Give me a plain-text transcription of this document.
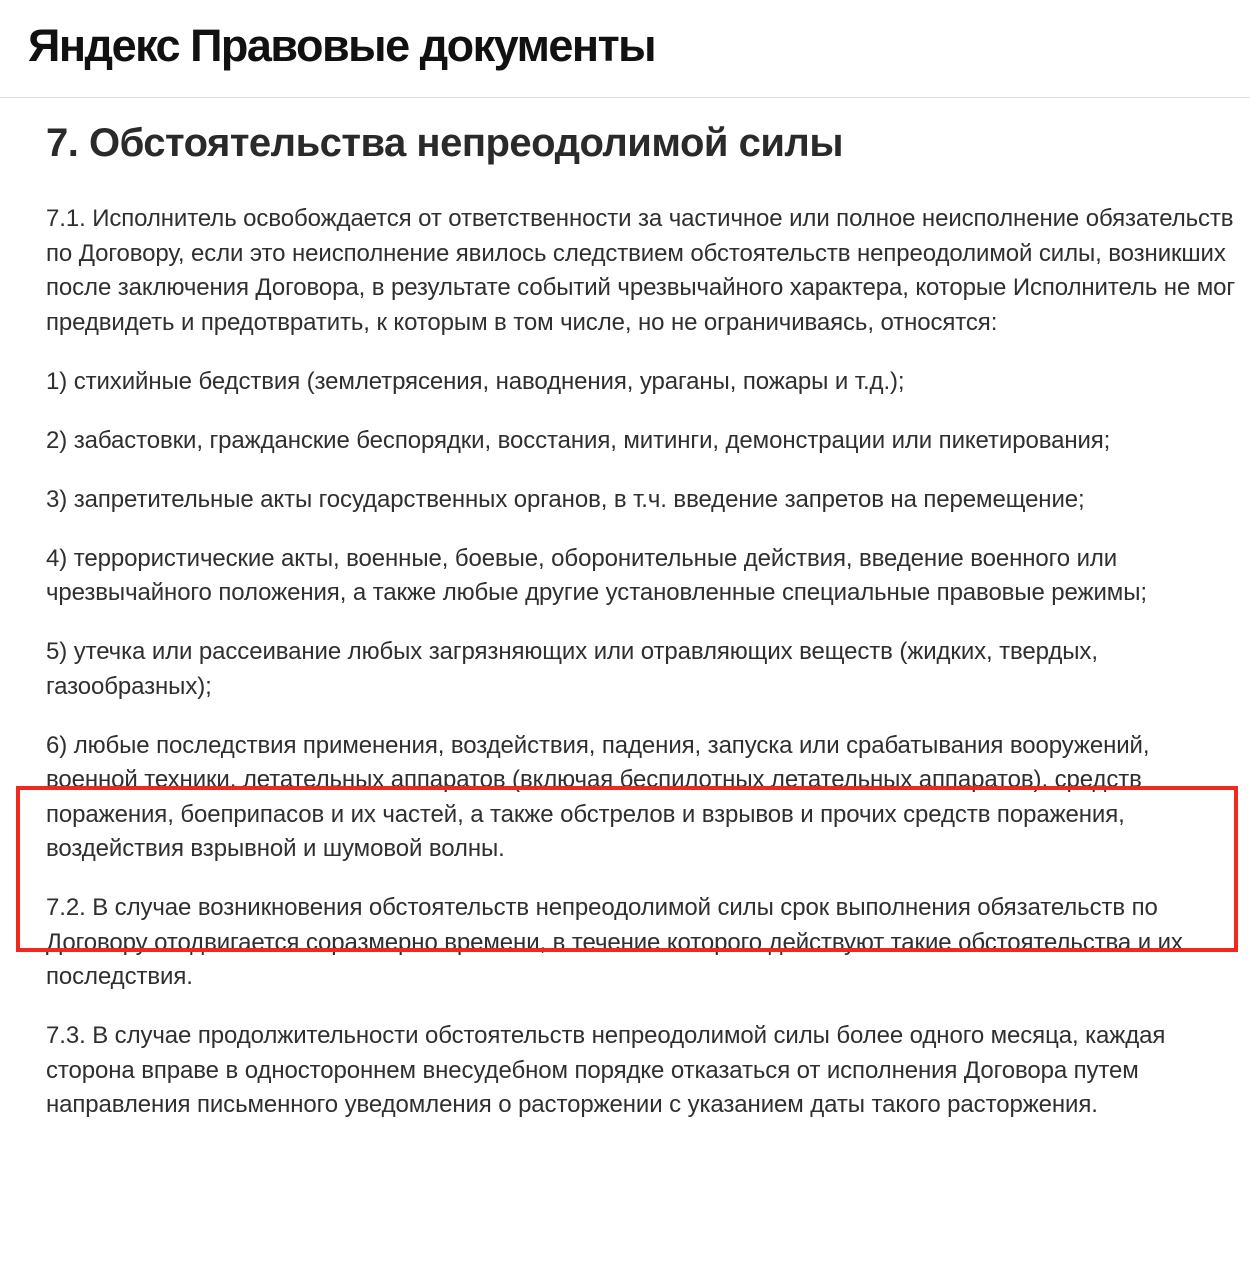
Яндекс Правовые документы
7. Обстоятельства непреодолимой силы

7.1. Исполнитель освобождается от ответственности за частичное или полное неисполнение обязательств по Договору, если это неисполнение явилось следствием обстоятельств непреодолимой силы, возникших после заключения Договора, в результате событий чрезвычайного характера, которые Исполнитель не мог предвидеть и предотвратить, к которым в том числе, но не ограничиваясь, относятся:

1) стихийные бедствия (землетрясения, наводнения, ураганы, пожары и т.д.);

2) забастовки, гражданские беспорядки, восстания, митинги, демонстрации или пикетирования;

3) запретительные акты государственных органов, в т.ч. введение запретов на перемещение;

4) террористические акты, военные, боевые, оборонительные действия, введение военного или чрезвычайного положения, а также любые другие установленные специальные правовые режимы;

5) утечка или рассеивание любых загрязняющих или отравляющих веществ (жидких, твердых, газообразных);

6) любые последствия применения, воздействия, падения, запуска или срабатывания вооружений, военной техники, летательных аппаратов (включая беспилотных летательных аппаратов), средств поражения, боеприпасов и их частей, а также обстрелов и взрывов и прочих средств поражения, воздействия взрывной и шумовой волны.

7.2. В случае возникновения обстоятельств непреодолимой силы срок выполнения обязательств по Договору отодвигается соразмерно времени, в течение которого действуют такие обстоятельства и их последствия.

7.3. В случае продолжительности обстоятельств непреодолимой силы более одного месяца, каждая сторона вправе в одностороннем внесудебном порядке отказаться от исполнения Договора путем направления письменного уведомления о расторжении с указанием даты такого расторжения.
